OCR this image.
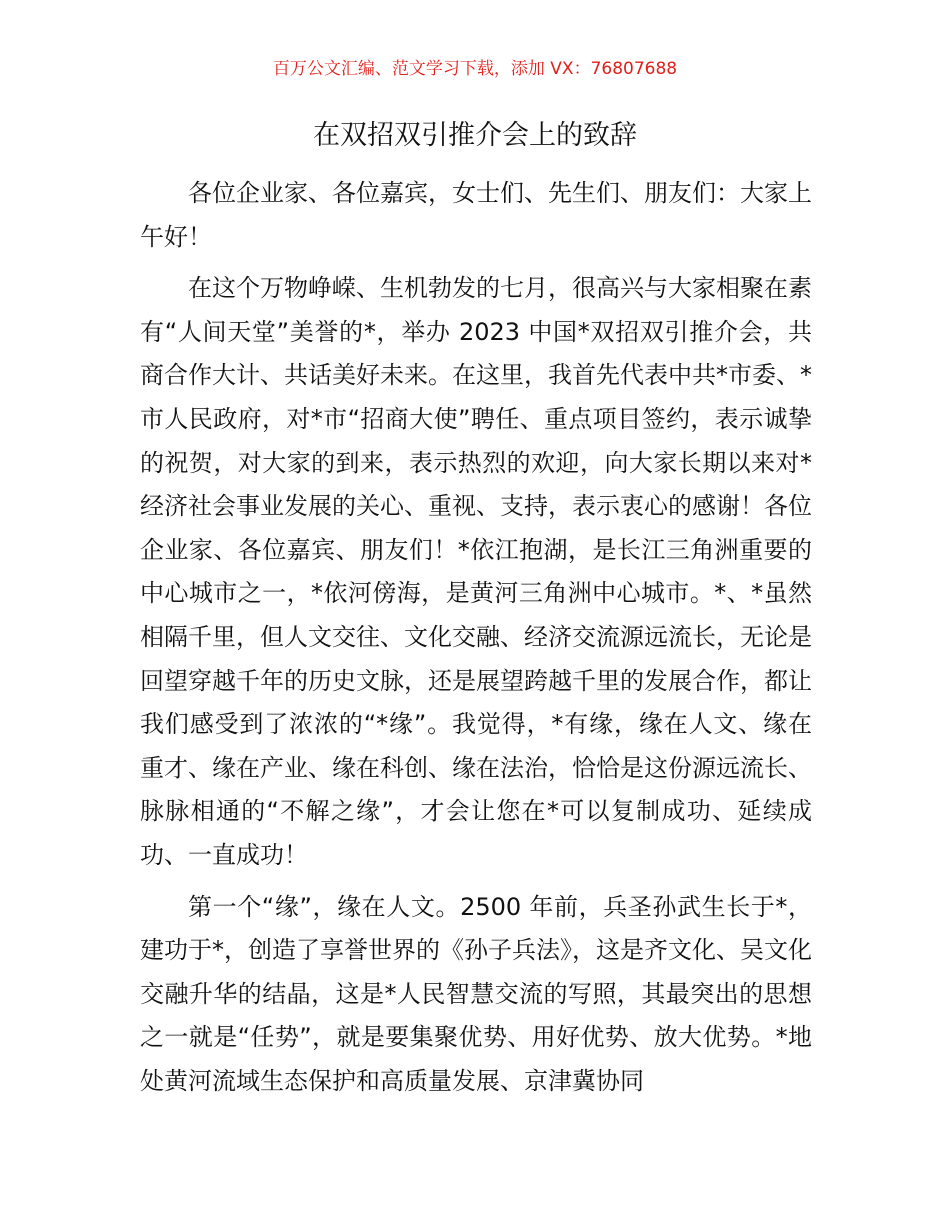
百万公文汇编、范文学习下载，添加 VX：76807688
在双招双引推介会上的致辞

各位企业家、各位嘉宾，女士们、先生们、朋友们：大家上午好！

在这个万物峥嵘、生机勃发的七月，很高兴与大家相聚在素有“人间天堂”美誉的*，举办 2023 中国*双招双引推介会，共商合作大计、共话美好未来。在这里，我首先代表中共*市委、*市人民政府，对*市“招商大使”聘任、重点项目签约，表示诚挚的祝贺，对大家的到来，表示热烈的欢迎，向大家长期以来对*经济社会事业发展的关心、重视、支持，表示衷心的感谢！各位企业家、各位嘉宾、朋友们！*依江抱湖，是长江三角洲重要的中心城市之一，*依河傍海，是黄河三角洲中心城市。*、*虽然相隔千里，但人文交往、文化交融、经济交流源远流长，无论是回望穿越千年的历史文脉，还是展望跨越千里的发展合作，都让我们感受到了浓浓的“*缘”。我觉得，*有缘，缘在人文、缘在重才、缘在产业、缘在科创、缘在法治，恰恰是这份源远流长、脉脉相通的“不解之缘”，才会让您在*可以复制成功、延续成功、一直成功！

第一个“缘”，缘在人文。2500 年前，兵圣孙武生长于*，建功于*，创造了享誉世界的《孙子兵法》，这是齐文化、吴文化交融升华的结晶，这是*人民智慧交流的写照，其最突出的思想之一就是“任势”，就是要集聚优势、用好优势、放大优势。*地处黄河流域生态保护和高质量发展、京津冀协同
